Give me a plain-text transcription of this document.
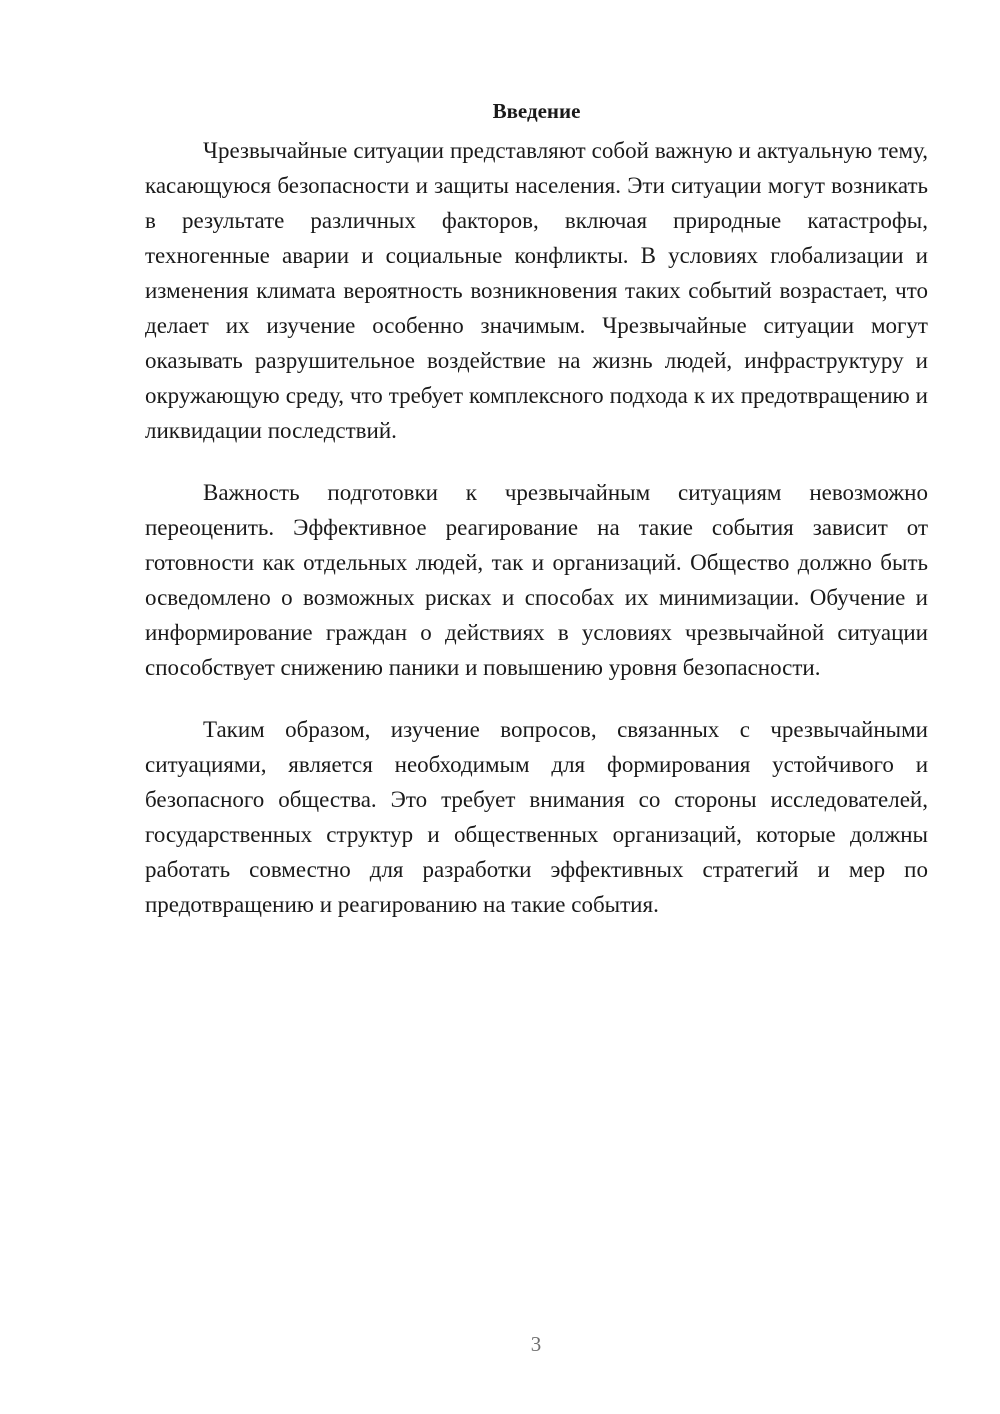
Введение

Чрезвычайные ситуации представляют собой важную и актуальную тему, касающуюся безопасности и защиты населения. Эти ситуации могут возникать в результате различных факторов, включая природные катастрофы, техногенные аварии и социальные конфликты. В условиях глобализации и изменения климата вероятность возникновения таких событий возрастает, что делает их изучение особенно значимым. Чрезвычайные ситуации могут оказывать разрушительное воздействие на жизнь людей, инфраструктуру и окружающую среду, что требует комплексного подхода к их предотвращению и ликвидации последствий.

Важность подготовки к чрезвычайным ситуациям невозможно переоценить. Эффективное реагирование на такие события зависит от готовности как отдельных людей, так и организаций. Общество должно быть осведомлено о возможных рисках и способах их минимизации. Обучение и информирование граждан о действиях в условиях чрезвычайной ситуации способствует снижению паники и повышению уровня безопасности.

Таким образом, изучение вопросов, связанных с чрезвычайными ситуациями, является необходимым для формирования устойчивого и безопасного общества. Это требует внимания со стороны исследователей, государственных структур и общественных организаций, которые должны работать совместно для разработки эффективных стратегий и мер по предотвращению и реагированию на такие события.

3
